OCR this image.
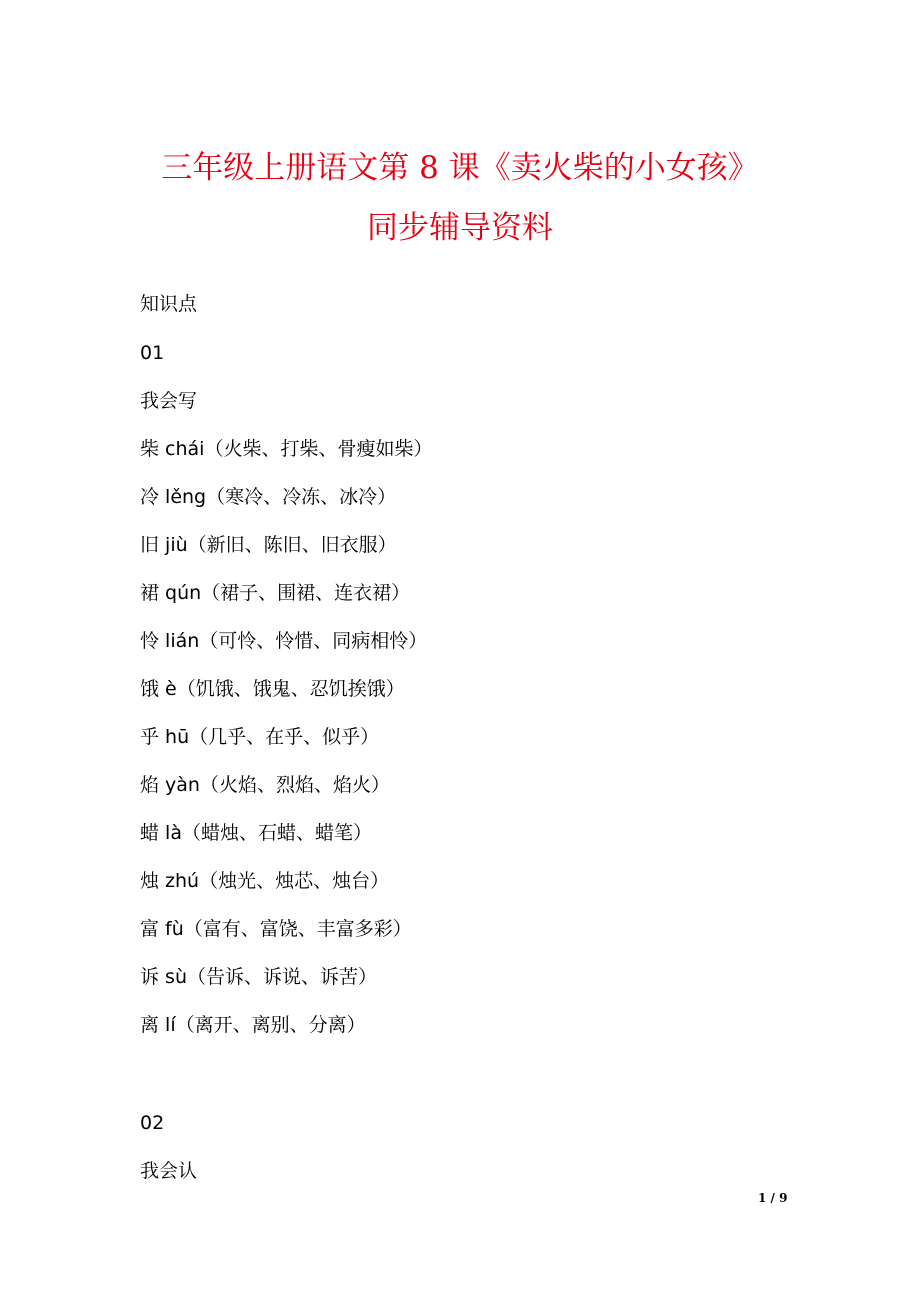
三年级上册语文第 8 课《卖火柴的小女孩》
同步辅导资料
知识点
01
我会写
柴 chái（火柴、打柴、骨瘦如柴）
冷 lěng（寒冷、冷冻、冰冷）
旧 jiù（新旧、陈旧、旧衣服）
裙 qún（裙子、围裙、连衣裙）
怜 lián（可怜、怜惜、同病相怜）
饿 è（饥饿、饿鬼、忍饥挨饿）
乎 hū（几乎、在乎、似乎）
焰 yàn（火焰、烈焰、焰火）
蜡 là（蜡烛、石蜡、蜡笔）
烛 zhú（烛光、烛芯、烛台）
富 fù（富有、富饶、丰富多彩）
诉 sù（告诉、诉说、诉苦）
离 lí（离开、离别、分离）
02
我会认
1 / 9
